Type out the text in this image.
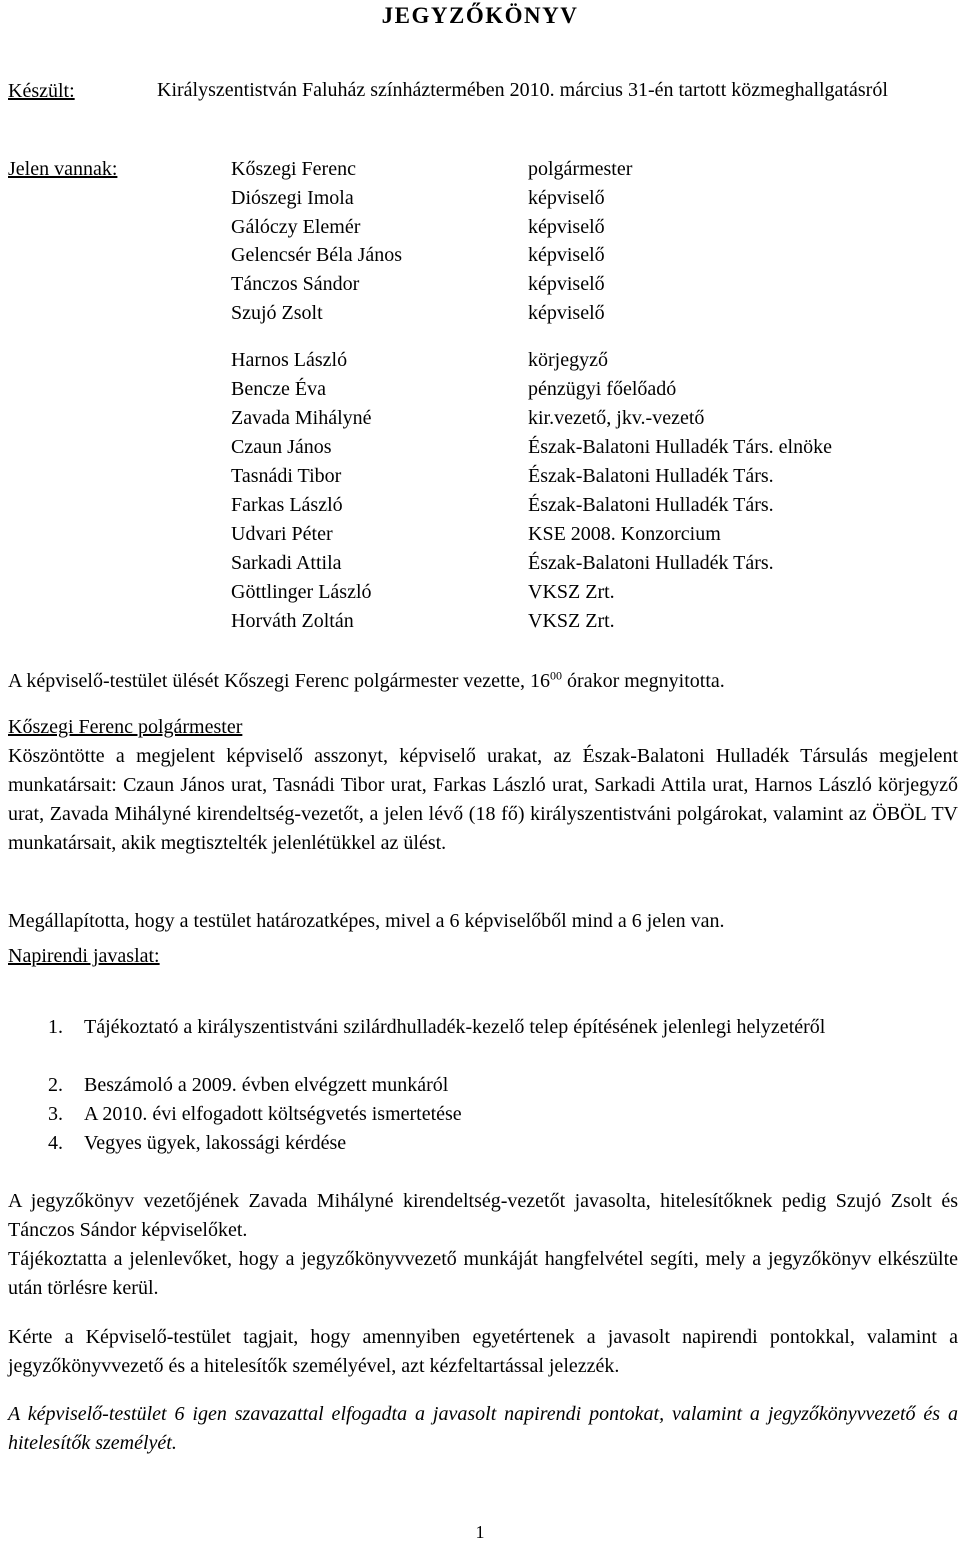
JEGYZŐKÖNYV
Készült:	Királyszentistván Faluház színháztermében 2010. március 31-én tartott közmeghallgatásról
Jelen vannak:	Kőszegi Ferenc	polgármester
Diószegi Imola	képviselő
Gálóczy Elemér	képviselő
Gelencsér Béla János	képviselő
Tánczos Sándor	képviselő
Szujó Zsolt	képviselő
Harnos László	körjegyző
Bencze Éva	pénzügyi főelőadó
Zavada Mihályné	kir.vezető, jkv.-vezető
Czaun János	Észak-Balatoni Hulladék Társ. elnöke
Tasnádi Tibor	Észak-Balatoni Hulladék Társ.
Farkas László	Észak-Balatoni Hulladék Társ.
Udvari Péter	KSE 2008. Konzorcium
Sarkadi Attila	Észak-Balatoni Hulladék Társ.
Göttlinger László	VKSZ Zrt.
Horváth Zoltán	VKSZ Zrt.
A képviselő-testület ülését Kőszegi Ferenc polgármester vezette, $16^{00}$ órakor megnyitotta.
Kőszegi Ferenc polgármester
Köszöntötte a megjelent képviselő asszonyt, képviselő urakat, az Észak-Balatoni Hulladék Társulás megjelent munkatársait: Czaun János urat, Tasnádi Tibor urat, Farkas László urat, Sarkadi Attila urat, Harnos László körjegyző urat, Zavada Mihályné kirendeltség-vezetőt, a jelen lévő (18 fő) királyszentistváni polgárokat, valamint az ÖBÖL TV munkatársait, akik megtisztelték jelenlétükkel az ülést.
Megállapította, hogy a testület határozatképes, mivel a 6 képviselőből mind a 6 jelen van.
Napirendi javaslat:
1. Tájékoztató a királyszentistváni szilárdhulladék-kezelő telep építésének jelenlegi helyzetéről
2. Beszámoló a 2009. évben elvégzett munkáról
3. A 2010. évi elfogadott költségvetés ismertetése
4. Vegyes ügyek, lakossági kérdése
A jegyzőkönyv vezetőjének Zavada Mihályné kirendeltség-vezetőt javasolta, hitelesítőknek pedig Szujó Zsolt és Tánczos Sándor képviselőket.
Tájékoztatta a jelenlevőket, hogy a jegyzőkönyvvezető munkáját hangfelvétel segíti, mely a jegyzőkönyv elkészülte után törlésre kerül.
Kérte a Képviselő-testület tagjait, hogy amennyiben egyetértenek a javasolt napirendi pontokkal, valamint a jegyzőkönyvvezető és a hitelesítők személyével, azt kézfeltartással jelezzék.
A képviselő-testület 6 igen szavazattal elfogadta a javasolt napirendi pontokat, valamint a jegyzőkönyvvezető és a hitelesítők személyét.
1
